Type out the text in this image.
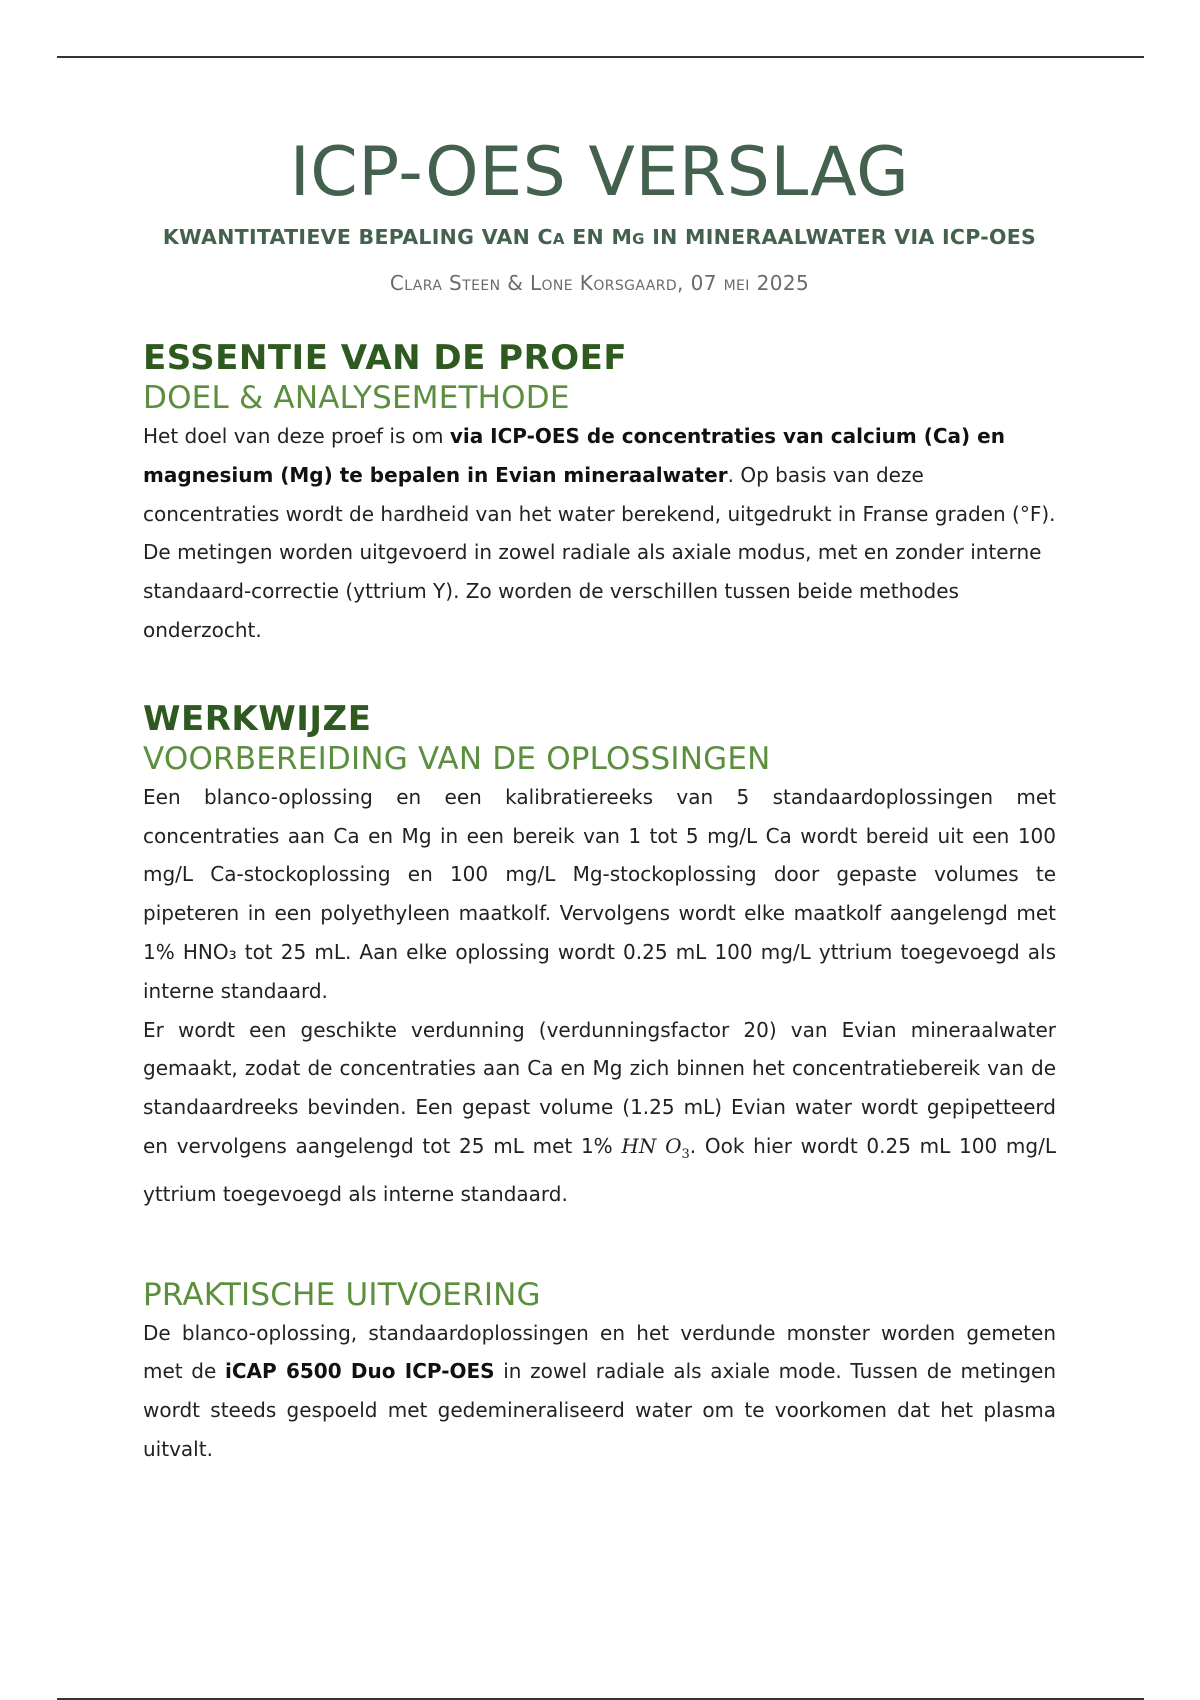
ICP-OES VERSLAG
KWANTITATIEVE BEPALING VAN CA EN MG IN MINERAALWATER VIA ICP-OES
Clara Steen & Lone Korsgaard, 07 mei 2025
ESSENTIE VAN DE PROEF
DOEL & ANALYSEMETHODE

Het doel van deze proef is om via ICP-OES de concentraties van calcium (Ca) en magnesium (Mg) te bepalen in Evian mineraalwater. Op basis van deze concentraties wordt de hardheid van het water berekend, uitgedrukt in Franse graden (°F). De metingen worden uitgevoerd in zowel radiale als axiale modus, met en zonder interne standaard-correctie (yttrium Y). Zo worden de verschillen tussen beide methodes onderzocht.

WERKWIJZE
VOORBEREIDING VAN DE OPLOSSINGEN

Een blanco-oplossing en een kalibratiereeks van 5 standaardoplossingen met concentraties aan Ca en Mg in een bereik van 1 tot 5 mg/L Ca wordt bereid uit een 100 mg/L Ca-stockoplossing en 100 mg/L Mg-stockoplossing door gepaste volumes te pipeteren in een polyethyleen maatkolf. Vervolgens wordt elke maatkolf aangelengd met 1% HNO₃ tot 25 mL. Aan elke oplossing wordt 0.25 mL 100 mg/L yttrium toegevoegd als interne standaard.

Er wordt een geschikte verdunning (verdunningsfactor 20) van Evian mineraalwater gemaakt, zodat de concentraties aan Ca en Mg zich binnen het concentratiebereik van de standaardreeks bevinden. Een gepast volume (1.25 mL) Evian water wordt gepipetteerd en vervolgens aangelengd tot 25 mL met 1% HN $O_3$. Ook hier wordt 0.25 mL 100 mg/L yttrium toegevoegd als interne standaard.

PRAKTISCHE UITVOERING

De blanco-oplossing, standaardoplossingen en het verdunde monster worden gemeten met de iCAP 6500 Duo ICP-OES in zowel radiale als axiale mode. Tussen de metingen wordt steeds gespoeld met gedemineraliseerd water om te voorkomen dat het plasma uitvalt.
